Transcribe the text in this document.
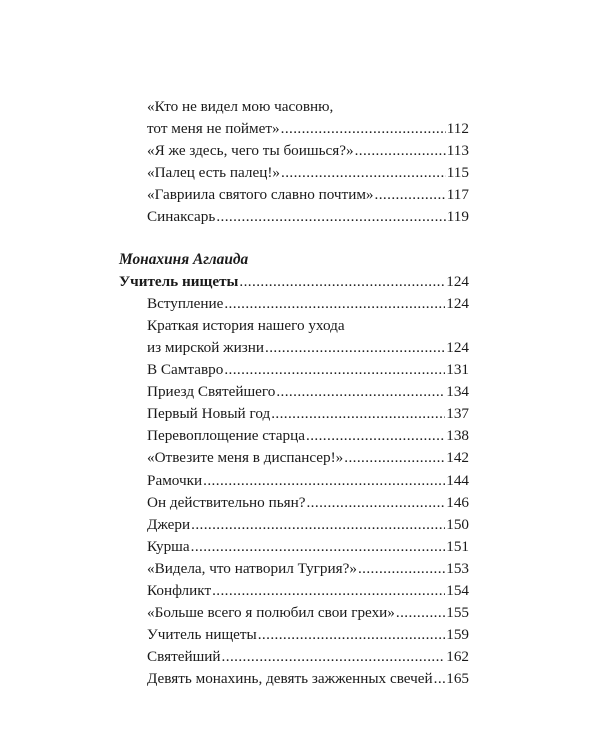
«Кто не видел мою часовню,
тот меня не поймет» .....	112
«Я же здесь, чего ты боишься?» .....	113
«Палец есть палец!» .....	115
«Гавриила святого славно почтим» .....	117
Синаксарь .....	119
Монахиня Аглаида
Учитель нищеты .....	124
Вступление .....	124
Краткая история нашего ухода
из мирской жизни .....	124
В Самтавро .....	131
Приезд Святейшего .....	134
Первый Новый год .....	137
Перевоплощение старца .....	138
«Отвезите меня в диспансер!» .....	142
Рамочки .....	144
Он действительно пьян? .....	146
Джери .....	150
Курша .....	151
«Видела, что натворил Тугрия?» .....	153
Конфликт .....	154
«Больше всего я полюбил свои грехи» .....	155
Учитель нищеты .....	159
Святейший .....	162
Девять монахинь, девять зажженных свечей ..... 165
